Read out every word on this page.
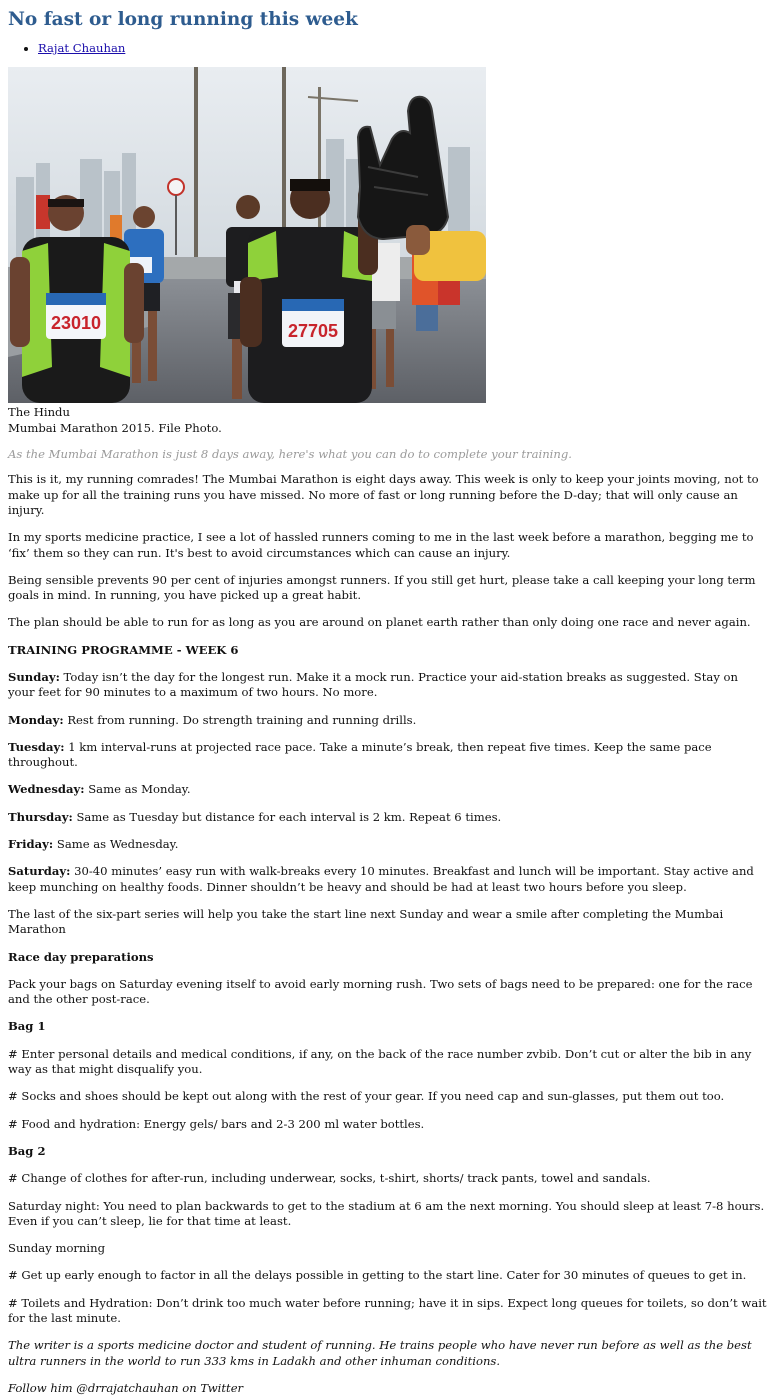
No fast or long running this week
• Rajat Chauhan
23010	27705
The Hindu
Mumbai Marathon 2015. File Photo.

As the Mumbai Marathon is just 8 days away, here's what you can do to complete your training.

This is it, my running comrades! The Mumbai Marathon is eight days away. This week is only to keep your joints moving, not to make up for all the training runs you have missed. No more of fast or long running before the D-day; that will only cause an injury.

In my sports medicine practice, I see a lot of hassled runners coming to me in the last week before a marathon, begging me to ‘fix’ them so they can run. It's best to avoid circumstances which can cause an injury.

Being sensible prevents 90 per cent of injuries amongst runners. If you still get hurt, please take a call keeping your long term goals in mind. In running, you have picked up a great habit.

The plan should be able to run for as long as you are around on planet earth rather than only doing one race and never again.

TRAINING PROGRAMME - WEEK 6

Sunday: Today isn’t the day for the longest run. Make it a mock run. Practice your aid-station breaks as suggested. Stay on your feet for 90 minutes to a maximum of two hours. No more.

Monday: Rest from running. Do strength training and running drills.

Tuesday: 1 km interval-runs at projected race pace. Take a minute’s break, then repeat five times. Keep the same pace throughout.

Wednesday: Same as Monday.

Thursday: Same as Tuesday but distance for each interval is 2 km. Repeat 6 times.

Friday: Same as Wednesday.

Saturday: 30-40 minutes’ easy run with walk-breaks every 10 minutes. Breakfast and lunch will be important. Stay active and keep munching on healthy foods. Dinner shouldn’t be heavy and should be had at least two hours before you sleep.

The last of the six-part series will help you take the start line next Sunday and wear a smile after completing the Mumbai Marathon

Race day preparations

Pack your bags on Saturday evening itself to avoid early morning rush. Two sets of bags need to be prepared: one for the race and the other post-race.

Bag 1

# Enter personal details and medical conditions, if any, on the back of the race number zvbib. Don’t cut or alter the bib in any way as that might disqualify you.

# Socks and shoes should be kept out along with the rest of your gear. If you need cap and sun-glasses, put them out too.

# Food and hydration: Energy gels/ bars and 2-3 200 ml water bottles.

Bag 2

# Change of clothes for after-run, including underwear, socks, t-shirt, shorts/ track pants, towel and sandals.

Saturday night: You need to plan backwards to get to the stadium at 6 am the next morning. You should sleep at least 7-8 hours. Even if you can’t sleep, lie for that time at least.

Sunday morning

# Get up early enough to factor in all the delays possible in getting to the start line. Cater for 30 minutes of queues to get in.

# Toilets and Hydration: Don’t drink too much water before running; have it in sips. Expect long queues for toilets, so don’t wait for the last minute.

The writer is a sports medicine doctor and student of running. He trains people who have never run before as well as the best ultra runners in the world to run 333 kms in Ladakh and other inhuman conditions.

Follow him @drrajatchauhan on Twitter
